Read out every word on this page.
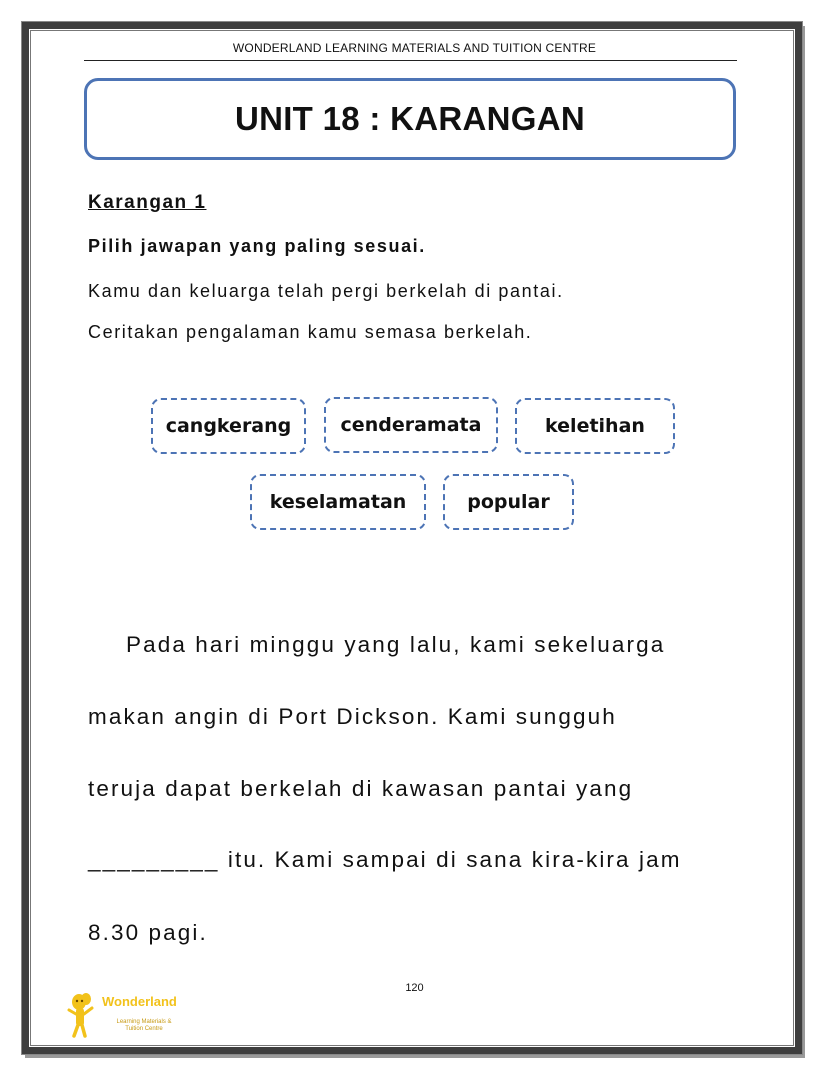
WONDERLAND LEARNING MATERIALS AND TUITION CENTRE
UNIT 18 : KARANGAN
Karangan 1
Pilih jawapan yang paling sesuai.
Kamu dan keluarga telah pergi berkelah di pantai.
Ceritakan pengalaman kamu semasa berkelah.
cangkerang	cenderamata	keletihan
keselamatan	popular
Pada hari minggu yang lalu, kami sekeluarga
makan angin di Port Dickson. Kami sungguh
teruja dapat berkelah di kawasan pantai yang
_________ itu. Kami sampai di sana kira-kira jam
8.30 pagi.
120
Wonderland
Learning Materials &
Tuition Centre
